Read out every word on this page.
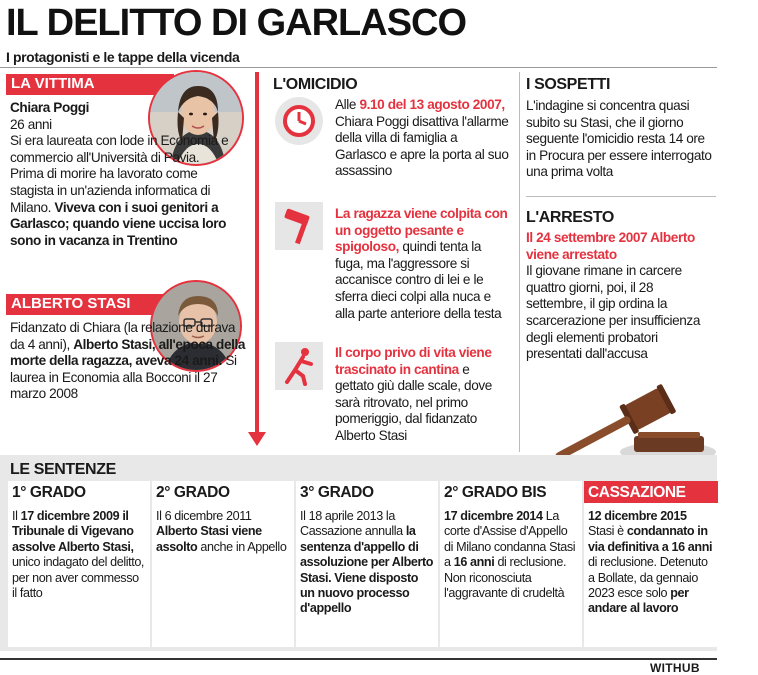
IL DELITTO DI GARLASCO
I protagonisti e le tappe della vicenda
LA VITTIMA
Chiara Poggi
26 anni
Si era laureata con lode in Economia e commercio all'Università di Pavia. Prima di morire ha lavorato come stagista in un'azienda informatica di Milano. Viveva con i suoi genitori a Garlasco; quando viene uccisa loro sono in vacanza in Trentino
ALBERTO STASI
Fidanzato di Chiara (la relazione durava da 4 anni), Alberto Stasi, all'epoca della morte della ragazza, aveva 24 anni. Si laurea in Economia alla Bocconi il 27 marzo 2008
L'OMICIDIO
Alle 9.10 del 13 agosto 2007, Chiara Poggi disattiva l'allarme della villa di famiglia a Garlasco e apre la porta al suo assassino
La ragazza viene colpita con un oggetto pesante e spigoloso, quindi tenta la fuga, ma l'aggressore si accanisce contro di lei e le sferra dieci colpi alla nuca e alla parte anteriore della testa
Il corpo privo di vita viene trascinato in cantina e gettato giù dalle scale, dove sarà ritrovato, nel primo pomeriggio, dal fidanzato Alberto Stasi
I SOSPETTI
L'indagine si concentra quasi subito su Stasi, che il giorno seguente l'omicidio resta 14 ore in Procura per essere interrogato una prima volta
L'ARRESTO
Il 24 settembre 2007 Alberto viene arrestato
Il giovane rimane in carcere quattro giorni, poi, il 28 settembre, il gip ordina la scarcerazione per insufficienza degli elementi probatori presentati dall'accusa
LE SENTENZE
1° GRADO
Il 17 dicembre 2009 il Tribunale di Vigevano assolve Alberto Stasi, unico indagato del delitto, per non aver commesso il fatto
2° GRADO
Il 6 dicembre 2011 Alberto Stasi viene assolto anche in Appello
3° GRADO
Il 18 aprile 2013 la Cassazione annulla la sentenza d'appello di assoluzione per Alberto Stasi. Viene disposto un nuovo processo d'appello
2° GRADO BIS
17 dicembre 2014 La corte d'Assise d'Appello di Milano condanna Stasi a 16 anni di reclusione. Non riconosciuta l'aggravante di crudeltà
CASSAZIONE
12 dicembre 2015 Stasi è condannato in via definitiva a 16 anni di reclusione. Detenuto a Bollate, da gennaio 2023 esce solo per andare al lavoro
WITHUB
